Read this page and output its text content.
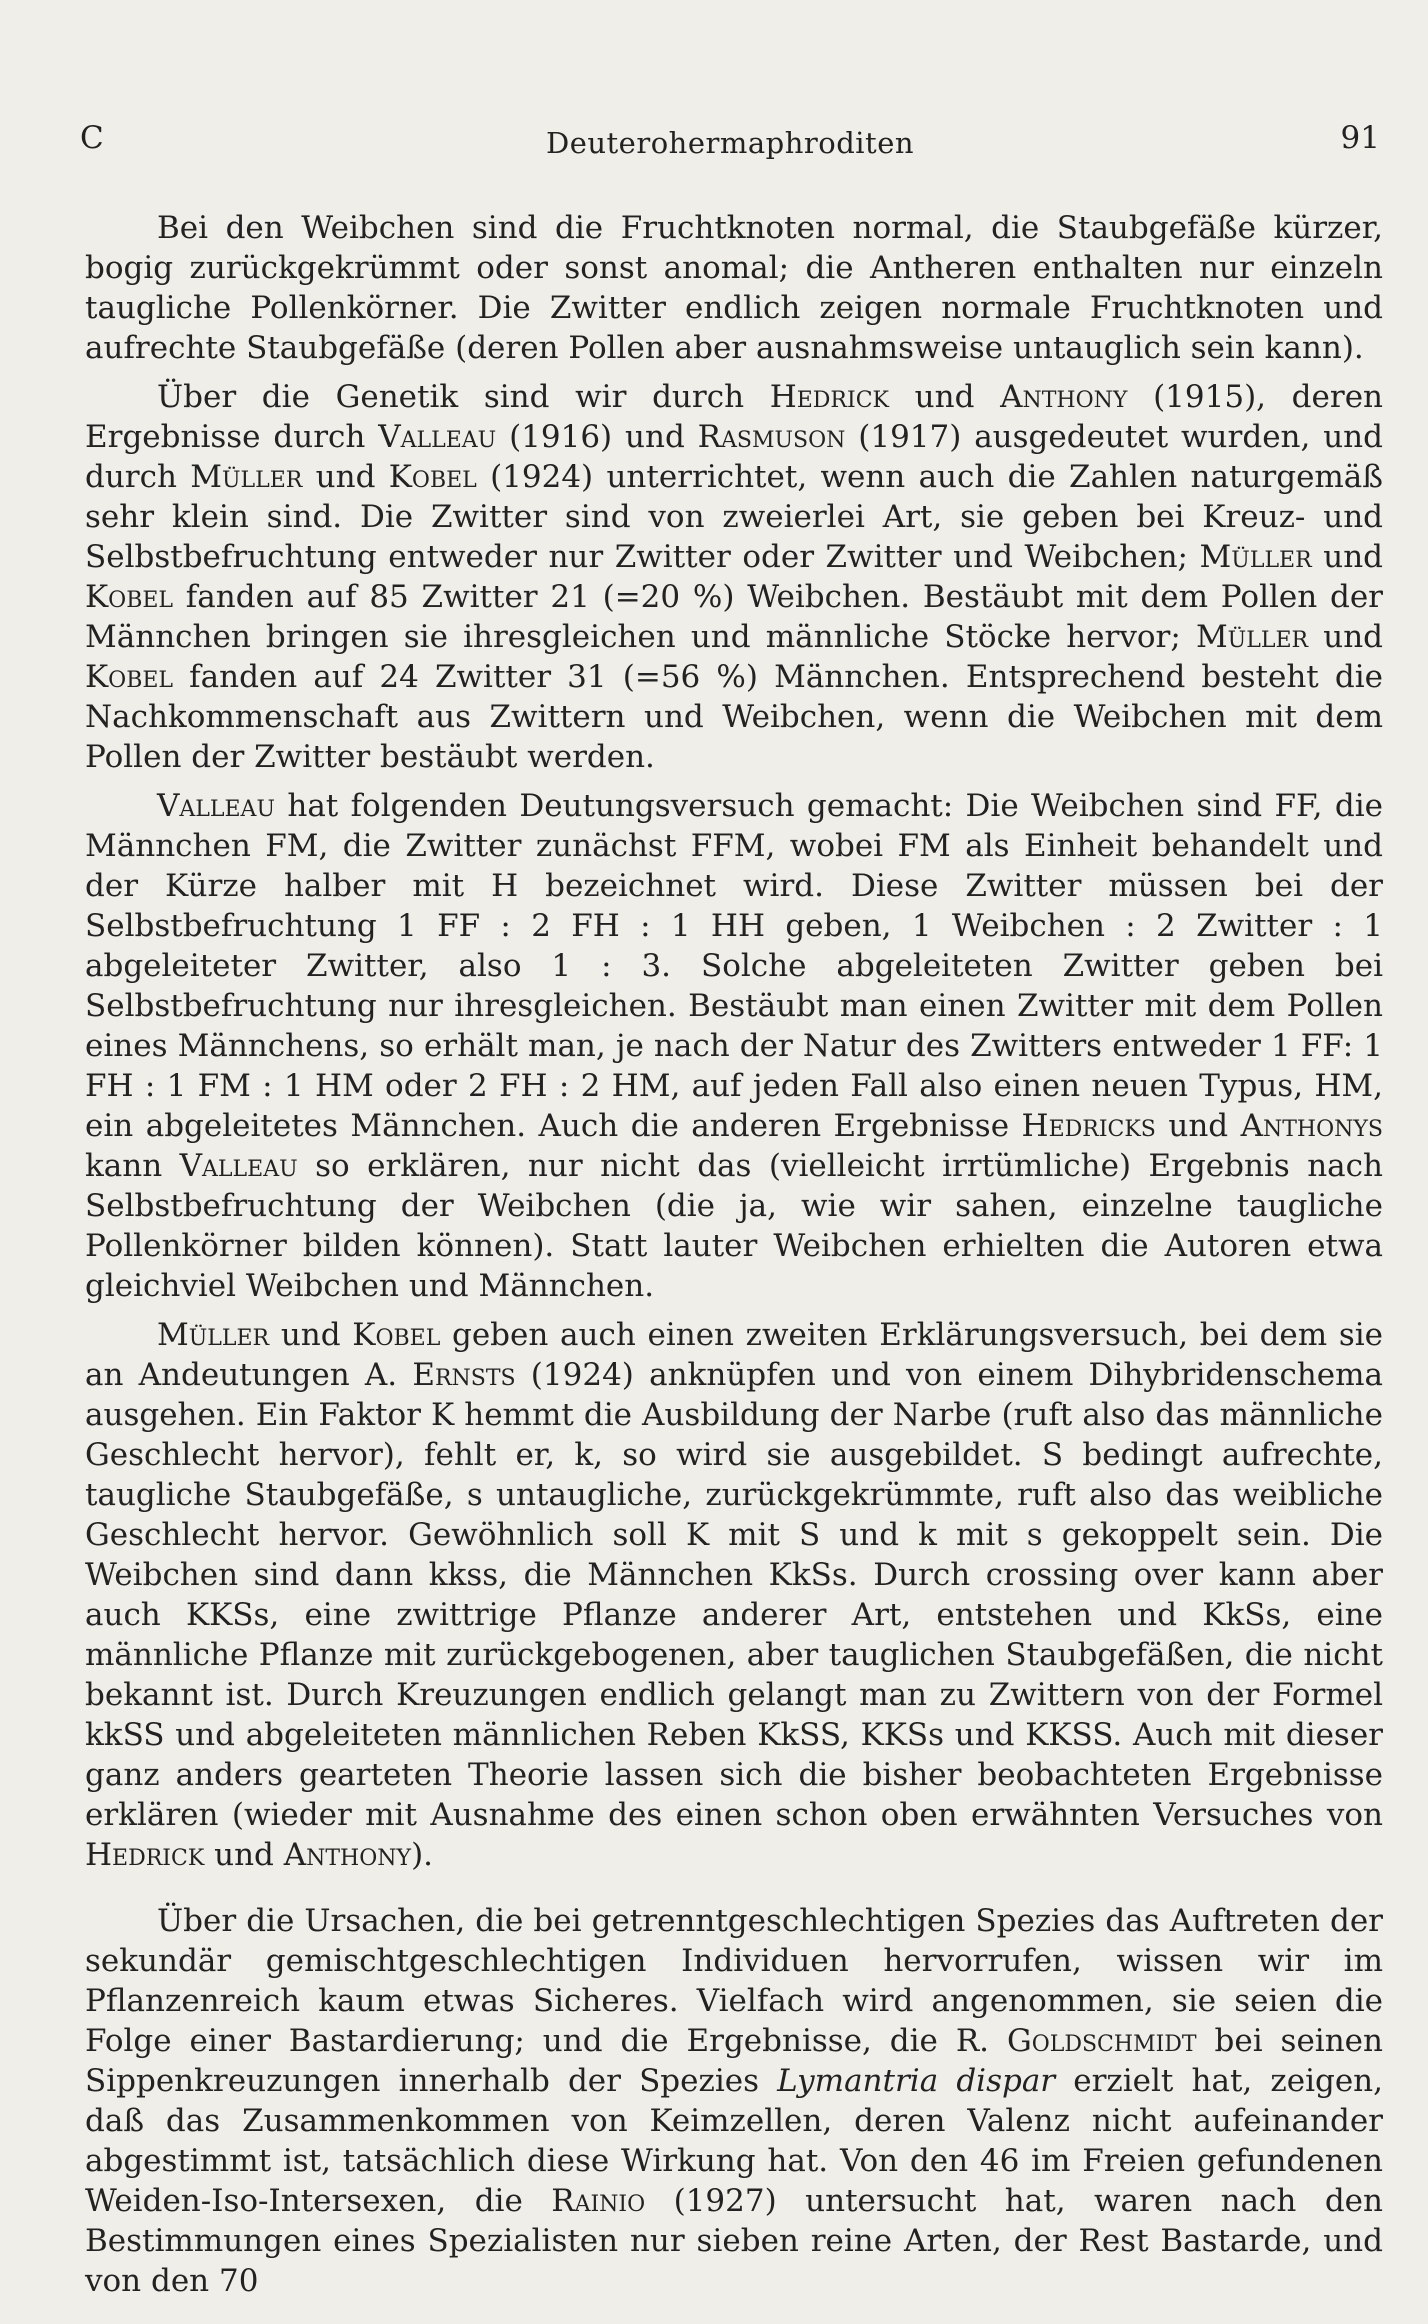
C	Deuterohermaphroditen	91

Bei den Weibchen sind die Fruchtknoten normal, die Staubgefäße kürzer, bogig zurückgekrümmt oder sonst anomal; die Antheren enthalten nur einzeln taugliche Pollenkörner. Die Zwitter endlich zeigen normale Fruchtknoten und aufrechte Staubgefäße (deren Pollen aber ausnahmsweise untauglich sein kann).

Über die Genetik sind wir durch Hedrick und Anthony (1915), deren Ergebnisse durch Valleau (1916) und Rasmuson (1917) ausgedeutet wurden, und durch Müller und Kobel (1924) unterrichtet, wenn auch die Zahlen naturgemäß sehr klein sind. Die Zwitter sind von zweierlei Art, sie geben bei Kreuz- und Selbstbefruchtung entweder nur Zwitter oder Zwitter und Weibchen; Müller und Kobel fanden auf 85 Zwitter 21 (=20 %) Weibchen. Bestäubt mit dem Pollen der Männchen bringen sie ihresgleichen und männliche Stöcke hervor; Müller und Kobel fanden auf 24 Zwitter 31 (=56 %) Männchen. Entsprechend besteht die Nachkommenschaft aus Zwittern und Weibchen, wenn die Weibchen mit dem Pollen der Zwitter bestäubt werden.

Valleau hat folgenden Deutungsversuch gemacht: Die Weibchen sind FF, die Männchen FM, die Zwitter zunächst FFM, wobei FM als Einheit behandelt und der Kürze halber mit H bezeichnet wird. Diese Zwitter müssen bei der Selbstbefruchtung 1 FF : 2 FH : 1 HH geben, 1 Weibchen : 2 Zwitter : 1 abgeleiteter Zwitter, also 1 : 3. Solche abgeleiteten Zwitter geben bei Selbstbefruchtung nur ihresgleichen. Bestäubt man einen Zwitter mit dem Pollen eines Männchens, so erhält man, je nach der Natur des Zwitters entweder 1 FF: 1 FH : 1 FM : 1 HM oder 2 FH : 2 HM, auf jeden Fall also einen neuen Typus, HM, ein abgeleitetes Männchen. Auch die anderen Ergebnisse Hedricks und Anthonys kann Valleau so erklären, nur nicht das (vielleicht irrtümliche) Ergebnis nach Selbstbefruchtung der Weibchen (die ja, wie wir sahen, einzelne taugliche Pollenkörner bilden können). Statt lauter Weibchen erhielten die Autoren etwa gleichviel Weibchen und Männchen.

Müller und Kobel geben auch einen zweiten Erklärungsversuch, bei dem sie an Andeutungen A. Ernsts (1924) anknüpfen und von einem Dihybridenschema ausgehen. Ein Faktor K hemmt die Ausbildung der Narbe (ruft also das männliche Geschlecht hervor), fehlt er, k, so wird sie ausgebildet. S bedingt aufrechte, taugliche Staubgefäße, s untaugliche, zurückgekrümmte, ruft also das weibliche Geschlecht hervor. Gewöhnlich soll K mit S und k mit s gekoppelt sein. Die Weibchen sind dann kkss, die Männchen KkSs. Durch crossing over kann aber auch KKSs, eine zwittrige Pflanze anderer Art, entstehen und KkSs, eine männliche Pflanze mit zurückgebogenen, aber tauglichen Staubgefäßen, die nicht bekannt ist. Durch Kreuzungen endlich gelangt man zu Zwittern von der Formel kkSS und abgeleiteten männlichen Reben KkSS, KKSs und KKSS. Auch mit dieser ganz anders gearteten Theorie lassen sich die bisher beobachteten Ergebnisse erklären (wieder mit Ausnahme des einen schon oben erwähnten Versuches von Hedrick und Anthony).

Über die Ursachen, die bei getrenntgeschlechtigen Spezies das Auftreten der sekundär gemischtgeschlechtigen Individuen hervorrufen, wissen wir im Pflanzenreich kaum etwas Sicheres. Vielfach wird angenommen, sie seien die Folge einer Bastardierung; und die Ergebnisse, die R. Goldschmidt bei seinen Sippenkreuzungen innerhalb der Spezies Lymantria dispar erzielt hat, zeigen, daß das Zusammenkommen von Keimzellen, deren Valenz nicht aufeinander abgestimmt ist, tatsächlich diese Wirkung hat. Von den 46 im Freien gefundenen Weiden-Iso-Intersexen, die Rainio (1927) untersucht hat, waren nach den Bestimmungen eines Spezialisten nur sieben reine Arten, der Rest Bastarde, und von den 70
